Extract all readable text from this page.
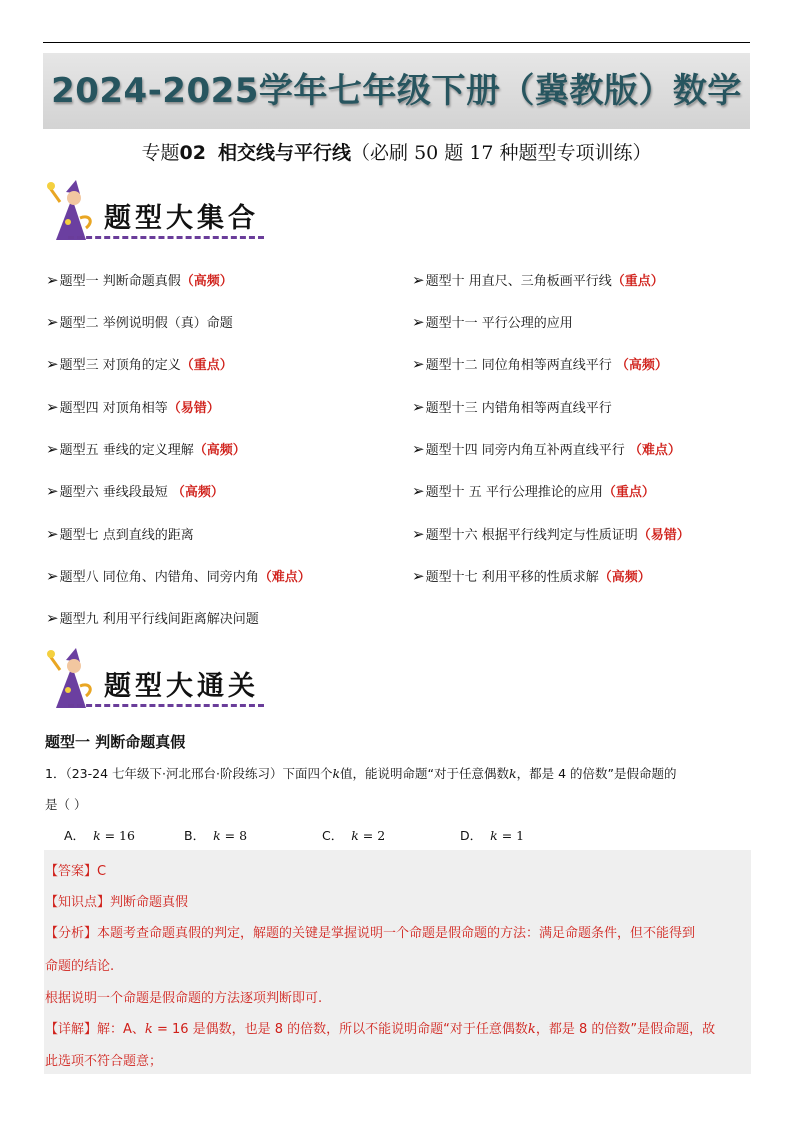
2024-2025学年七年级下册（冀教版）数学
专题02 相交线与平行线（必刷 50 题 17 种题型专项训练）
题型大集合
➢题型一 判断命题真假（高频）
➢题型二 举例说明假（真）命题
➢题型三 对顶角的定义（重点）
➢题型四 对顶角相等（易错）
➢题型五 垂线的定义理解（高频）
➢题型六 垂线段最短 （高频）
➢题型七 点到直线的距离
➢题型八 同位角、内错角、同旁内角（难点）
➢题型九 利用平行线间距离解决问题
➢题型十 用直尺、三角板画平行线（重点）
➢题型十一 平行公理的应用
➢题型十二 同位角相等两直线平行 （高频）
➢题型十三 内错角相等两直线平行
➢题型十四 同旁内角互补两直线平行 （难点）
➢题型十 五 平行公理推论的应用（重点）
➢题型十六 根据平行线判定与性质证明（易错）
➢题型十七 利用平移的性质求解（高频）
题型大通关
题型一 判断命题真假
1．（23-24 七年级下·河北邢台·阶段练习）下面四个k值，能说明命题“对于任意偶数k，都是 4 的倍数”是假命题的
是（ ）
A． k = 16	B． k = 8	C． k = 2	D． k = 1
【答案】C
【知识点】判断命题真假
【分析】本题考查命题真假的判定，解题的关键是掌握说明一个命题是假命题的方法：满足命题条件，但不能得到
命题的结论.
根据说明一个命题是假命题的方法逐项判断即可.
【详解】解：A、k = 16 是偶数，也是 8 的倍数，所以不能说明命题“对于任意偶数k，都是 8 的倍数”是假命题，故
此选项不符合题意；
